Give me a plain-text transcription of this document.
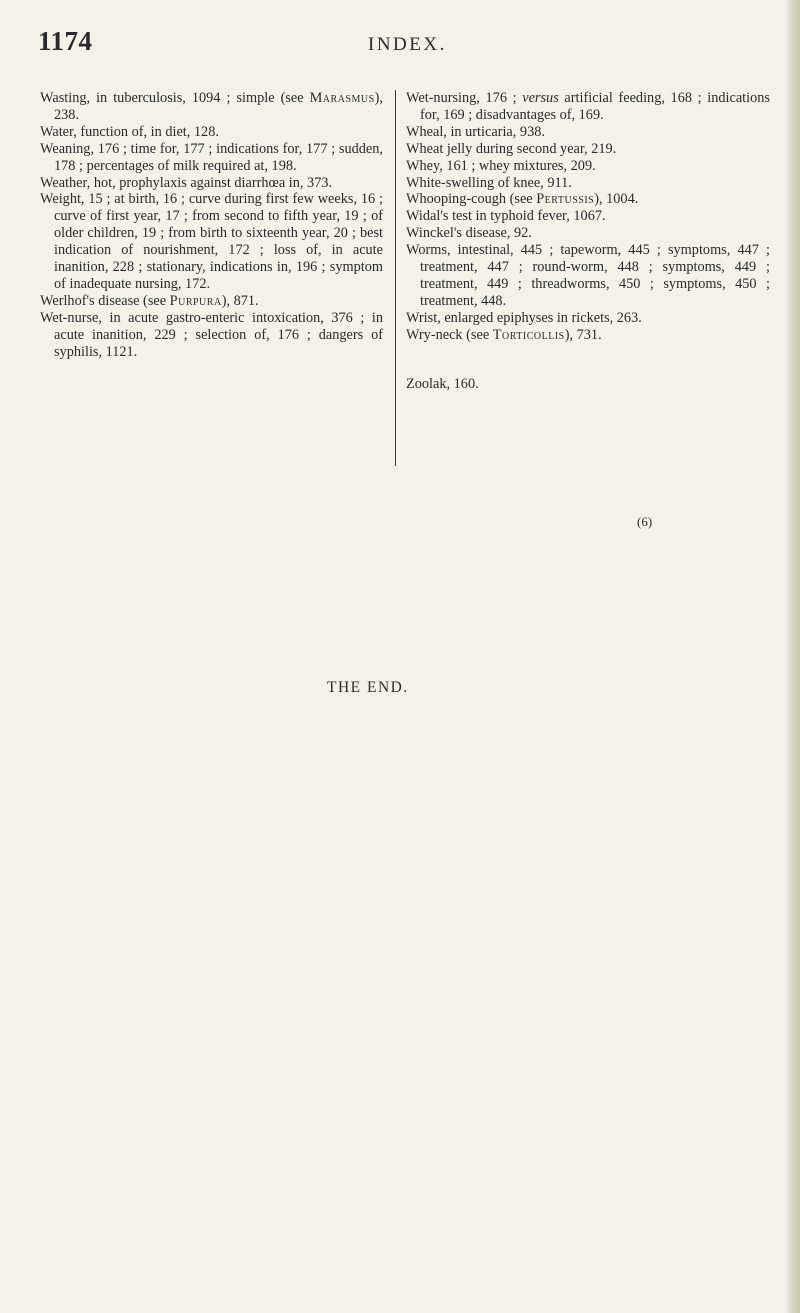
1174	INDEX.

Wasting, in tuberculosis, 1094 ; simple (see Marasmus), 238.

Water, function of, in diet, 128.

Weaning, 176 ; time for, 177 ; indications for, 177 ; sudden, 178 ; percentages of milk required at, 198.

Weather, hot, prophylaxis against diarrhœa in, 373.

Weight, 15 ; at birth, 16 ; curve during first few weeks, 16 ; curve of first year, 17 ; from second to fifth year, 19 ; of older children, 19 ; from birth to sixteenth year, 20 ; best indication of nourishment, 172 ; loss of, in acute inanition, 228 ; stationary, indications in, 196 ; symptom of inadequate nursing, 172.

Werlhof's disease (see Purpura), 871.

Wet-nurse, in acute gastro-enteric intoxication, 376 ; in acute inanition, 229 ; selection of, 176 ; dangers of syphilis, 1121.

Wet-nursing, 176 ; versus artificial feeding, 168 ; indications for, 169 ; disadvantages of, 169.

Wheal, in urticaria, 938.

Wheat jelly during second year, 219.

Whey, 161 ; whey mixtures, 209.

White-swelling of knee, 911.

Whooping-cough (see Pertussis), 1004.

Widal's test in typhoid fever, 1067.

Winckel's disease, 92.

Worms, intestinal, 445 ; tapeworm, 445 ; symptoms, 447 ; treatment, 447 ; round-worm, 448 ; symptoms, 449 ; treatment, 449 ; threadworms, 450 ; symptoms, 450 ; treatment, 448.

Wrist, enlarged epiphyses in rickets, 263.

Wry-neck (see Torticollis), 731.

Zoolak, 160.

(6)
THE END.
